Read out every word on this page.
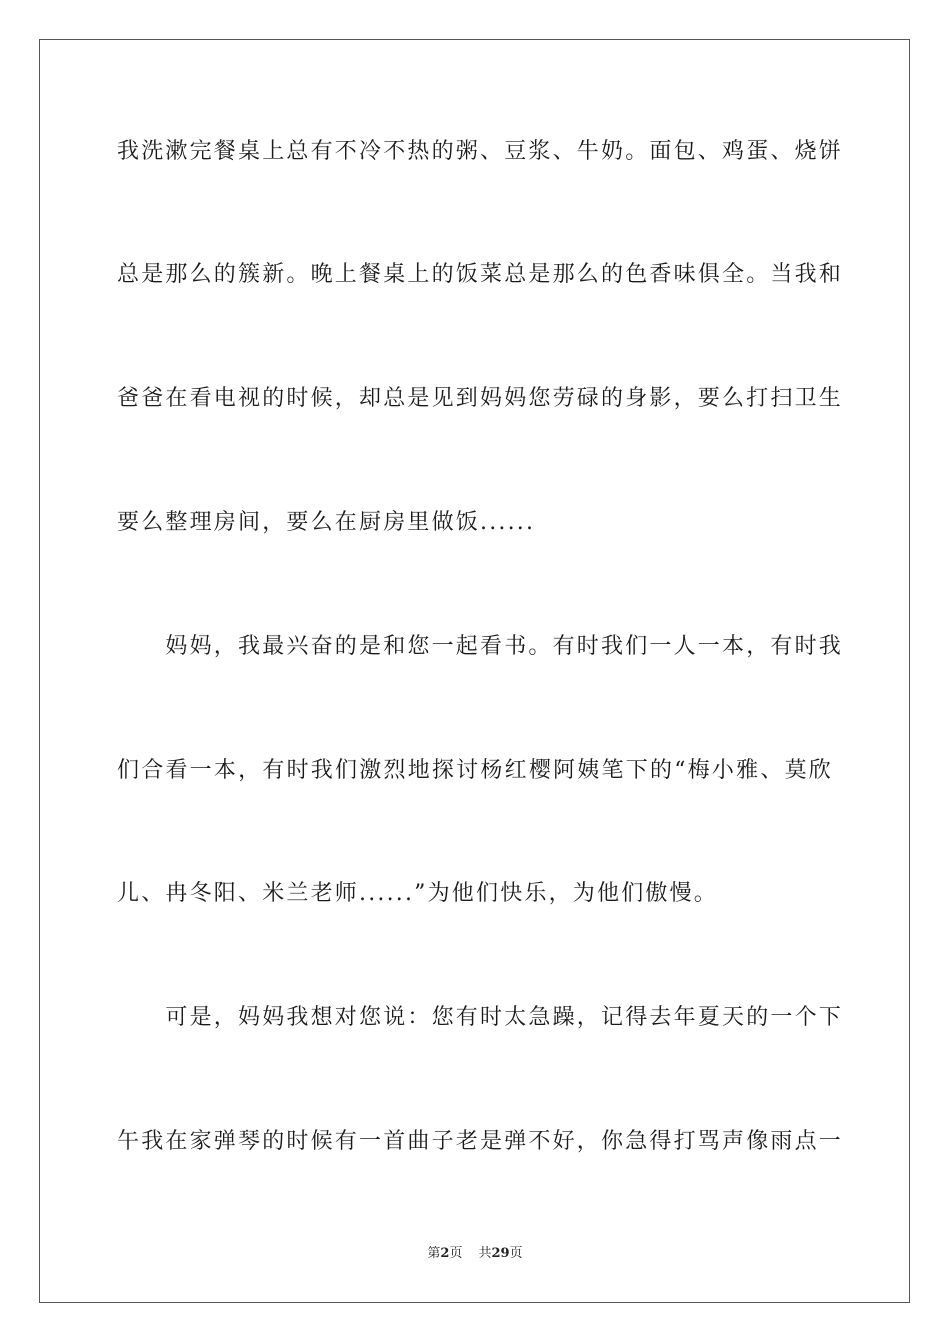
我洗漱完餐桌上总有不冷不热的粥、豆浆、牛奶。面包、鸡蛋、烧饼
总是那么的簇新。晚上餐桌上的饭菜总是那么的色香味俱全。当我和
爸爸在看电视的时候，却总是见到妈妈您劳碌的身影，要么打扫卫生
要么整理房间，要么在厨房里做饭......
　　妈妈，我最兴奋的是和您一起看书。有时我们一人一本，有时我
们合看一本，有时我们激烈地探讨杨红樱阿姨笔下的“梅小雅、莫欣
儿、冉冬阳、米兰老师......”为他们快乐，为他们傲慢。
　　可是，妈妈我想对您说：您有时太急躁，记得去年夏天的一个下
午我在家弹琴的时候有一首曲子老是弹不好，你急得打骂声像雨点一
第2页 共29页
